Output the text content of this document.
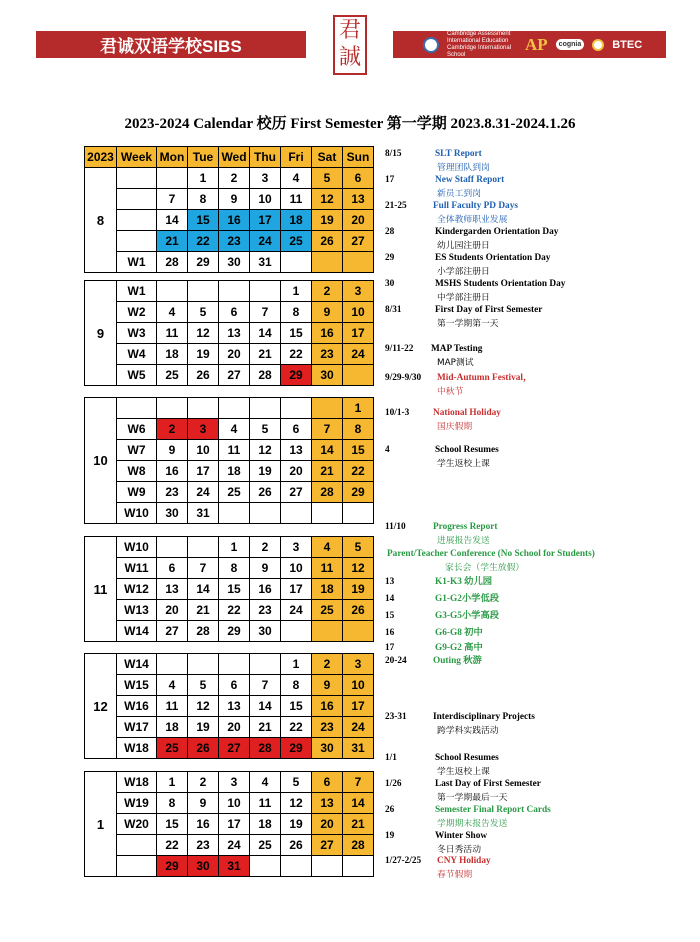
君诚双语学校SIBS
君誠
Cambridge Assessment International Education Cambridge International School
AP	cognia	BTEC
2023-2024 Calendar 校历 First Semester 第一学期 2023.8.31-2024.1.26
2023	Week	Mon	Tue	Wed	Thu	Fri	Sat	Sun
8			1	2	3	4	5	6
		7	8	9	10	11	12	13
		14	15	16	17	18	19	20
		21	22	23	24	25	26	27
	W1	28	29	30	31			
9	W1					1	2	3
	W2	4	5	6	7	8	9	10
	W3	11	12	13	14	15	16	17
	W4	18	19	20	21	22	23	24
	W5	25	26	27	28	29	30	
10								1
	W6	2	3	4	5	6	7	8
	W7	9	10	11	12	13	14	15
	W8	16	17	18	19	20	21	22
	W9	23	24	25	26	27	28	29
	W10	30	31					
11	W10			1	2	3	4	5
	W11	6	7	8	9	10	11	12
	W12	13	14	15	16	17	18	19
	W13	20	21	22	23	24	25	26
	W14	27	28	29	30			
12	W14					1	2	3
	W15	4	5	6	7	8	9	10
	W16	11	12	13	14	15	16	17
	W17	18	19	20	21	22	23	24
	W18	25	26	27	28	29	30	31
1	W18	1	2	3	4	5	6	7
	W19	8	9	10	11	12	13	14
	W20	15	16	17	18	19	20	21
		22	23	24	25	26	27	28
		29	30	31				
8/15	SLT Report
管理团队到岗
17	New Staff Report
新员工到岗
21-25	Full Faculty PD Days
全体教师职业发展
28	Kindergarden Orientation Day
幼儿园注册日
29	ES Students Orientation Day
小学部注册日
30	MSHS Students Orientation Day
中学部注册日
8/31	First Day of First Semester
第一学期第一天
9/11-22 MAP Testing
MAP测试
9/29-9/30 Mid-Autumn Festival，
中秋节
10/1-3	National Holiday
国庆假期
4	School Resumes
学生返校上课
11/10	Progress Report
进展报告发送
Parent/Teacher Conference (No School for Students)
家长会（学生放假）
13	K1-K3 幼儿园
14	G1-G2小学低段
15	G3-G5小学高段
16	G6-G8 初中
17	G9-G2 高中
20-24	Outing 秋游
23-31	Interdisciplinary Projects
跨学科实践活动
1/1	School Resumes
学生返校上课
1/26	Last Day of First Semester
第一学期最后一天
26	Semester Final Report Cards
学期期末报告发送
19	Winter Show
冬日秀活动
1/27-2/25 CNY Holiday
春节假期
